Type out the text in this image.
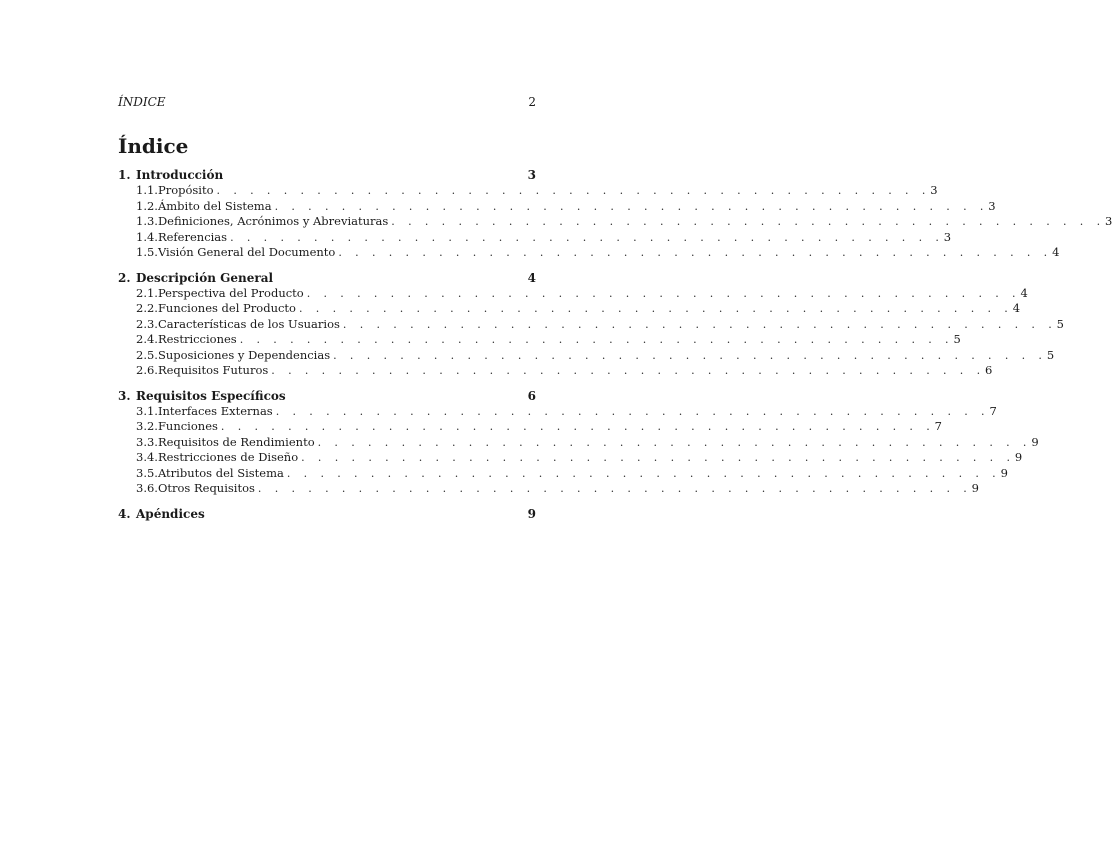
ÍNDICE	2
Índice
1. Introducción	3
1.1. Propósito . . . . . . . . . . . . . . . . . . . . . . . . . . . . . . . . . . . . . . . . . . . 3
1.2. Ámbito del Sistema . . . . . . . . . . . . . . . . . . . . . . . . . . . . . . . . . . . . . . . . . . . 3
1.3. Definiciones, Acrónimos y Abreviaturas . . . . . . . . . . . . . . . . . . . . . . . . . . . . . . . . . . . . . . . . . . . 3
1.4. Referencias . . . . . . . . . . . . . . . . . . . . . . . . . . . . . . . . . . . . . . . . . . . 3
1.5. Visión General del Documento . . . . . . . . . . . . . . . . . . . . . . . . . . . . . . . . . . . . . . . . . . . 4
2. Descripción General	4
2.1. Perspectiva del Producto . . . . . . . . . . . . . . . . . . . . . . . . . . . . . . . . . . . . . . . . . . . 4
2.2. Funciones del Producto . . . . . . . . . . . . . . . . . . . . . . . . . . . . . . . . . . . . . . . . . . . 4
2.3. Características de los Usuarios . . . . . . . . . . . . . . . . . . . . . . . . . . . . . . . . . . . . . . . . . . . 5
2.4. Restricciones . . . . . . . . . . . . . . . . . . . . . . . . . . . . . . . . . . . . . . . . . . . 5
2.5. Suposiciones y Dependencias . . . . . . . . . . . . . . . . . . . . . . . . . . . . . . . . . . . . . . . . . . . 5
2.6. Requisitos Futuros . . . . . . . . . . . . . . . . . . . . . . . . . . . . . . . . . . . . . . . . . . . 6
3. Requisitos Específicos	6
3.1. Interfaces Externas . . . . . . . . . . . . . . . . . . . . . . . . . . . . . . . . . . . . . . . . . . . 7
3.2. Funciones . . . . . . . . . . . . . . . . . . . . . . . . . . . . . . . . . . . . . . . . . . . 7
3.3. Requisitos de Rendimiento . . . . . . . . . . . . . . . . . . . . . . . . . . . . . . . . . . . . . . . . . . . 9
3.4. Restricciones de Diseño . . . . . . . . . . . . . . . . . . . . . . . . . . . . . . . . . . . . . . . . . . . 9
3.5. Atributos del Sistema . . . . . . . . . . . . . . . . . . . . . . . . . . . . . . . . . . . . . . . . . . . 9
3.6. Otros Requisitos . . . . . . . . . . . . . . . . . . . . . . . . . . . . . . . . . . . . . . . . . . . 9
4. Apéndices	9
